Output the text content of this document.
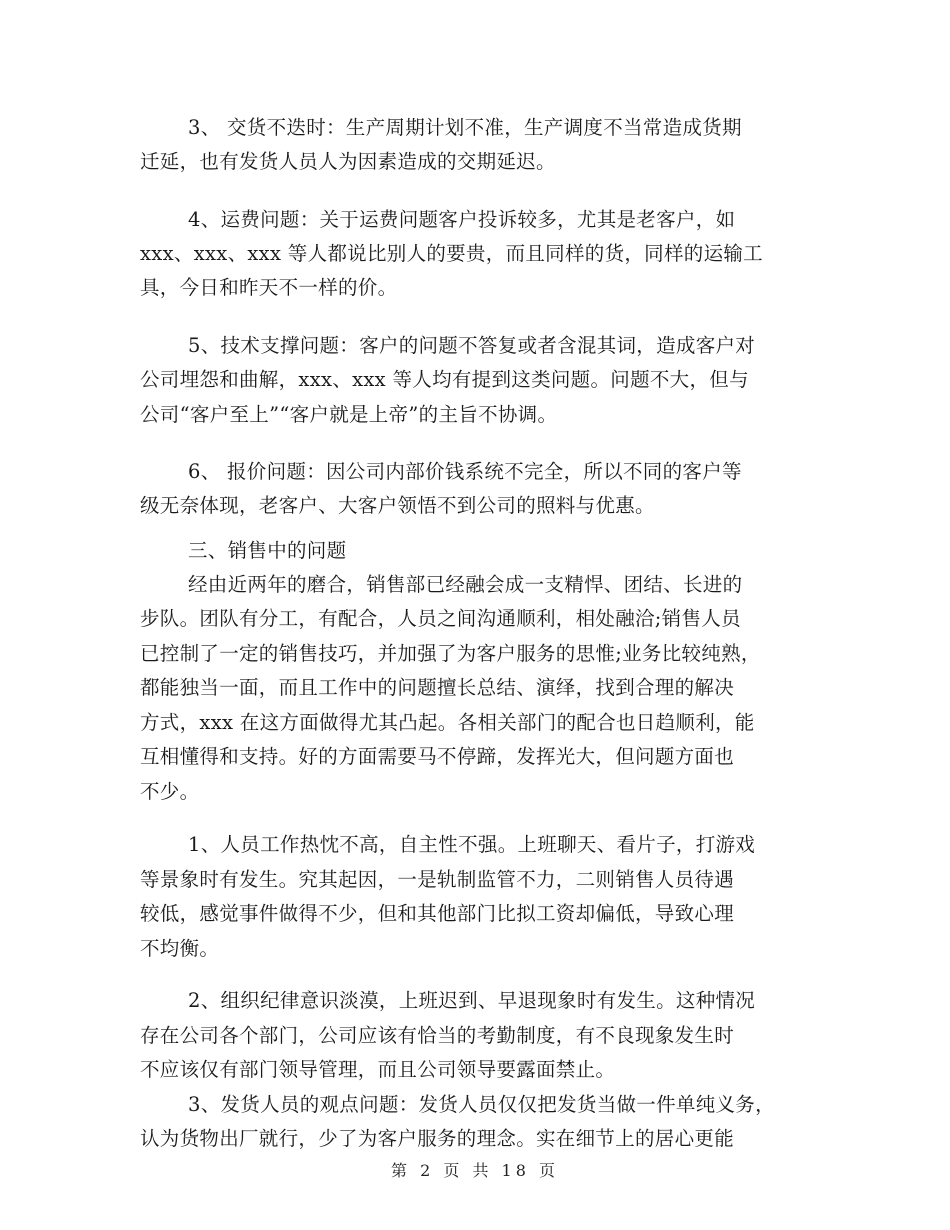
3、 交货不迭时：生产周期计划不准，生产调度不当常造成货期
迁延，也有发货人员人为因素造成的交期延迟。
4、运费问题：关于运费问题客户投诉较多，尤其是老客户，如
xxx、xxx、xxx 等人都说比别人的要贵，而且同样的货，同样的运输工
具，今日和昨天不一样的价。
5、技术支撑问题：客户的问题不答复或者含混其词，造成客户对
公司埋怨和曲解，xxx、xxx 等人均有提到这类问题。问题不大，但与
公司“客户至上”“客户就是上帝”的主旨不协调。
6、 报价问题：因公司内部价钱系统不完全，所以不同的客户等
级无奈体现，老客户、大客户领悟不到公司的照料与优惠。
三、销售中的问题
经由近两年的磨合，销售部已经融会成一支精悍、团结、长进的
步队。团队有分工，有配合，人员之间沟通顺利，相处融洽;销售人员
已控制了一定的销售技巧，并加强了为客户服务的思惟;业务比较纯熟，
都能独当一面，而且工作中的问题擅长总结、演绎，找到合理的解决
方式，xxx 在这方面做得尤其凸起。各相关部门的配合也日趋顺利，能
互相懂得和支持。好的方面需要马不停蹄，发挥光大，但问题方面也
不少。
1、人员工作热忱不高，自主性不强。上班聊天、看片子，打游戏
等景象时有发生。究其起因，一是轨制监管不力，二则销售人员待遇
较低，感觉事件做得不少，但和其他部门比拟工资却偏低，导致心理
不均衡。
2、组织纪律意识淡漠，上班迟到、早退现象时有发生。这种情况
存在公司各个部门，公司应该有恰当的考勤制度，有不良现象发生时
不应该仅有部门领导管理，而且公司领导要露面禁止。
3、发货人员的观点问题：发货人员仅仅把发货当做一件单纯义务，
认为货物出厂就行，少了为客户服务的理念。实在细节上的居心更能
第 2 页 共 18 页
